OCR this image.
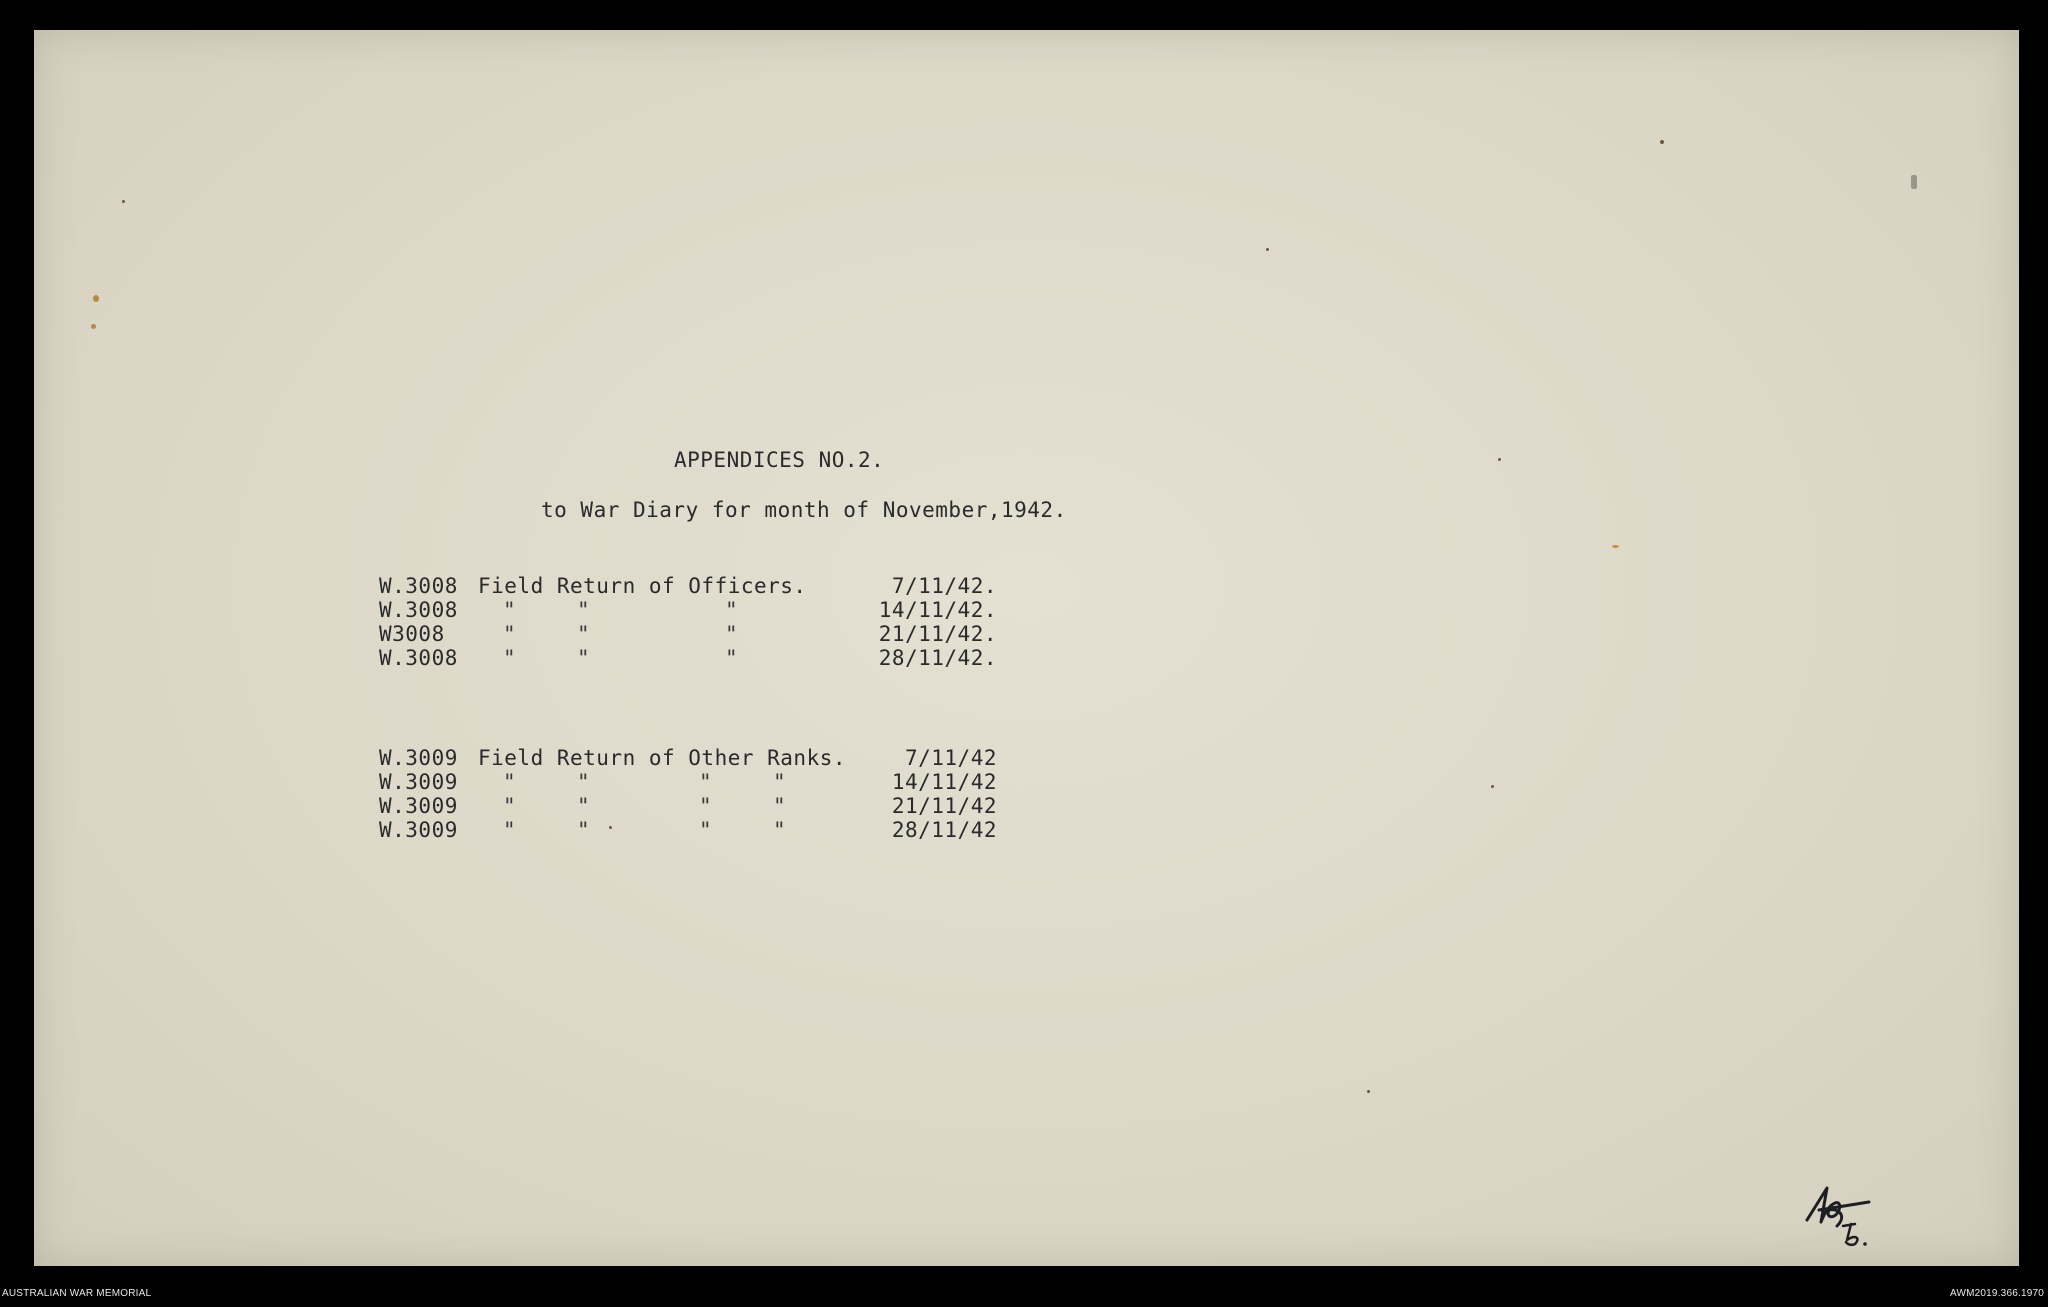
APPENDICES NO.2.
to War Diary for month of November,1942.
W.3008 Field Return of Officers.	7/11/42.
W.3008 "	"	"	14/11/42.
W3008	"	"	"	21/11/42.
W.3008 "	"	"	28/11/42.
W.3009 Field Return of Other Ranks.	7/11/42
W.3009 "	"	"	"	14/11/42
W.3009 "	"	"	"	21/11/42
W.3009 "	"	"	"	28/11/42
AUSTRALIAN WAR MEMORIAL	AWM2019.366.1970
